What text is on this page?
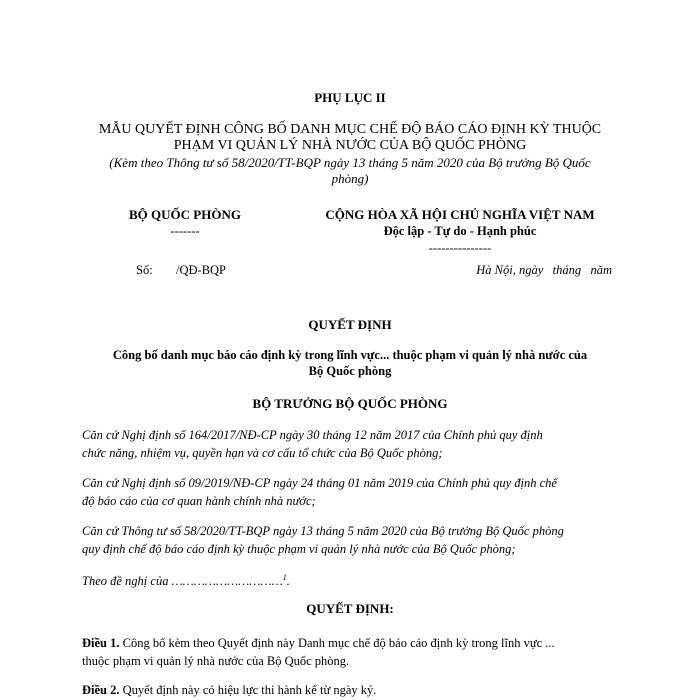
PHỤ LỤC II
MẪU QUYẾT ĐỊNH CÔNG BỐ DANH MỤC CHẾ ĐỘ BÁO CÁO ĐỊNH KỲ THUỘC
PHẠM VI QUẢN LÝ NHÀ NƯỚC CỦA BỘ QUỐC PHÒNG
(Kèm theo Thông tư số 58/2020/TT-BQP ngày 13 tháng 5 năm 2020 của Bộ trưởng Bộ Quốc
phòng)
BỘ QUỐC PHÒNG
-------
CỘNG HÒA XÃ HỘI CHỦ NGHĨA VIỆT NAM
Độc lập - Tự do - Hạnh phúc
---------------
Số: /QĐ-BQP	Hà Nội, ngày   tháng   năm
QUYẾT ĐỊNH
Công bố danh mục báo cáo định kỳ trong lĩnh vực... thuộc phạm vi quản lý nhà nước của
Bộ Quốc phòng
BỘ TRƯỞNG BỘ QUỐC PHÒNG
Căn cứ Nghị định số 164/2017/NĐ-CP ngày 30 tháng 12 năm 2017 của Chính phủ quy định
chức năng, nhiệm vụ, quyền hạn và cơ cấu tổ chức của Bộ Quốc phòng;
Căn cứ Nghị định số 09/2019/NĐ-CP ngày 24 tháng 01 năm 2019 của Chính phủ quy định chế
độ báo cáo của cơ quan hành chính nhà nước;
Căn cứ Thông tư số 58/2020/TT-BQP ngày 13 tháng 5 năm 2020 của Bộ trưởng Bộ Quốc phòng
quy định chế độ báo cáo định kỳ thuộc phạm vi quản lý nhà nước của Bộ Quốc phòng;
Theo đề nghị của …………………………$^1$.
QUYẾT ĐỊNH:
Điều 1. Công bố kèm theo Quyết định này Danh mục chế độ báo cáo định kỳ trong lĩnh vực ...
thuộc phạm vi quản lý nhà nước của Bộ Quốc phòng.
Điều 2. Quyết định này có hiệu lực thi hành kể từ ngày ký.
